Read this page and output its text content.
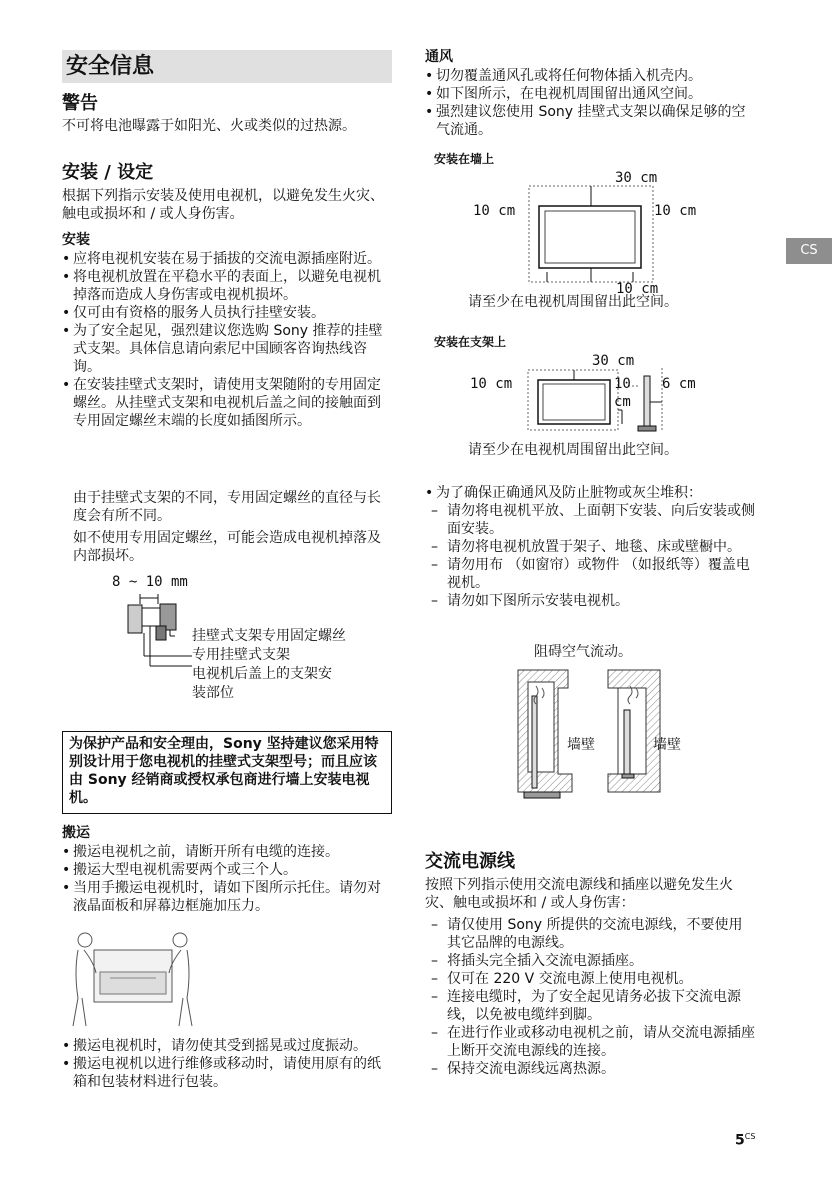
CS
$5^{CS}$
安全信息
警告

不可将电池曝露于如阳光、火或类似的过热源。

安装 / 设定

根据下列指示安装及使用电视机，以避免发生火灾、触电或损坏和 / 或人身伤害。

安装
• 应将电视机安装在易于插拔的交流电源插座附近。
• 将电视机放置在平稳水平的表面上，以避免电视机掉落而造成人身伤害或电视机损坏。
• 仅可由有资格的服务人员执行挂壁安装。
• 为了安全起见，强烈建议您选购 Sony 推荐的挂壁式支架。具体信息请向索尼中国顾客咨询热线咨询。
• 在安装挂壁式支架时，请使用支架随附的专用固定螺丝。从挂壁式支架和电视机后盖之间的接触面到专用固定螺丝末端的长度如插图所示。

由于挂壁式支架的不同，专用固定螺丝的直径与长度会有所不同。

如不使用专用固定螺丝，可能会造成电视机掉落及内部损坏。

8 ~ 10 mm
挂壁式支架专用固定螺丝
专用挂壁式支架
电视机后盖上的支架安
装部位
为保护产品和安全理由，Sony 坚持建议您采用特别设计用于您电视机的挂壁式支架型号；而且应该由 Sony 经销商或授权承包商进行墙上安装电视机。
搬运
• 搬运电视机之前，请断开所有电缆的连接。
• 搬运大型电视机需要两个或三个人。
• 当用手搬运电视机时，请如下图所示托住。请勿对液晶面板和屏幕边框施加压力。
• 搬运电视机时，请勿使其受到摇晃或过度振动。
• 搬运电视机以进行维修或移动时，请使用原有的纸箱和包装材料进行包装。
通风
• 切勿覆盖通风孔或将任何物体插入机壳内。
• 如下图所示，在电视机周围留出通风空间。
• 强烈建议您使用 Sony 挂壁式支架以确保足够的空气流通。
安装在墙上
30 cm
10 cm	10 cm
10 cm
请至少在电视机周围留出此空间。
安装在支架上
30 cm
10 cm	10
cm
6 cm
请至少在电视机周围留出此空间。
• 为了确保正确通风及防止脏物或灰尘堆积：
– 请勿将电视机平放、上面朝下安装、向后安装或侧面安装。
– 请勿将电视机放置于架子、地毯、床或壁橱中。
– 请勿用布 （如窗帘）或物件 （如报纸等）覆盖电视机。
– 请勿如下图所示安装电视机。
阻碍空气流动。
墙壁	墙壁
交流电源线

按照下列指示使用交流电源线和插座以避免发生火灾、触电或损坏和 / 或人身伤害：

– 请仅使用 Sony 所提供的交流电源线，不要使用其它品牌的电源线。
– 将插头完全插入交流电源插座。
– 仅可在 220 V 交流电源上使用电视机。
– 连接电缆时，为了安全起见请务必拔下交流电源线，以免被电缆绊到脚。
– 在进行作业或移动电视机之前，请从交流电源插座上断开交流电源线的连接。
– 保持交流电源线远离热源。
